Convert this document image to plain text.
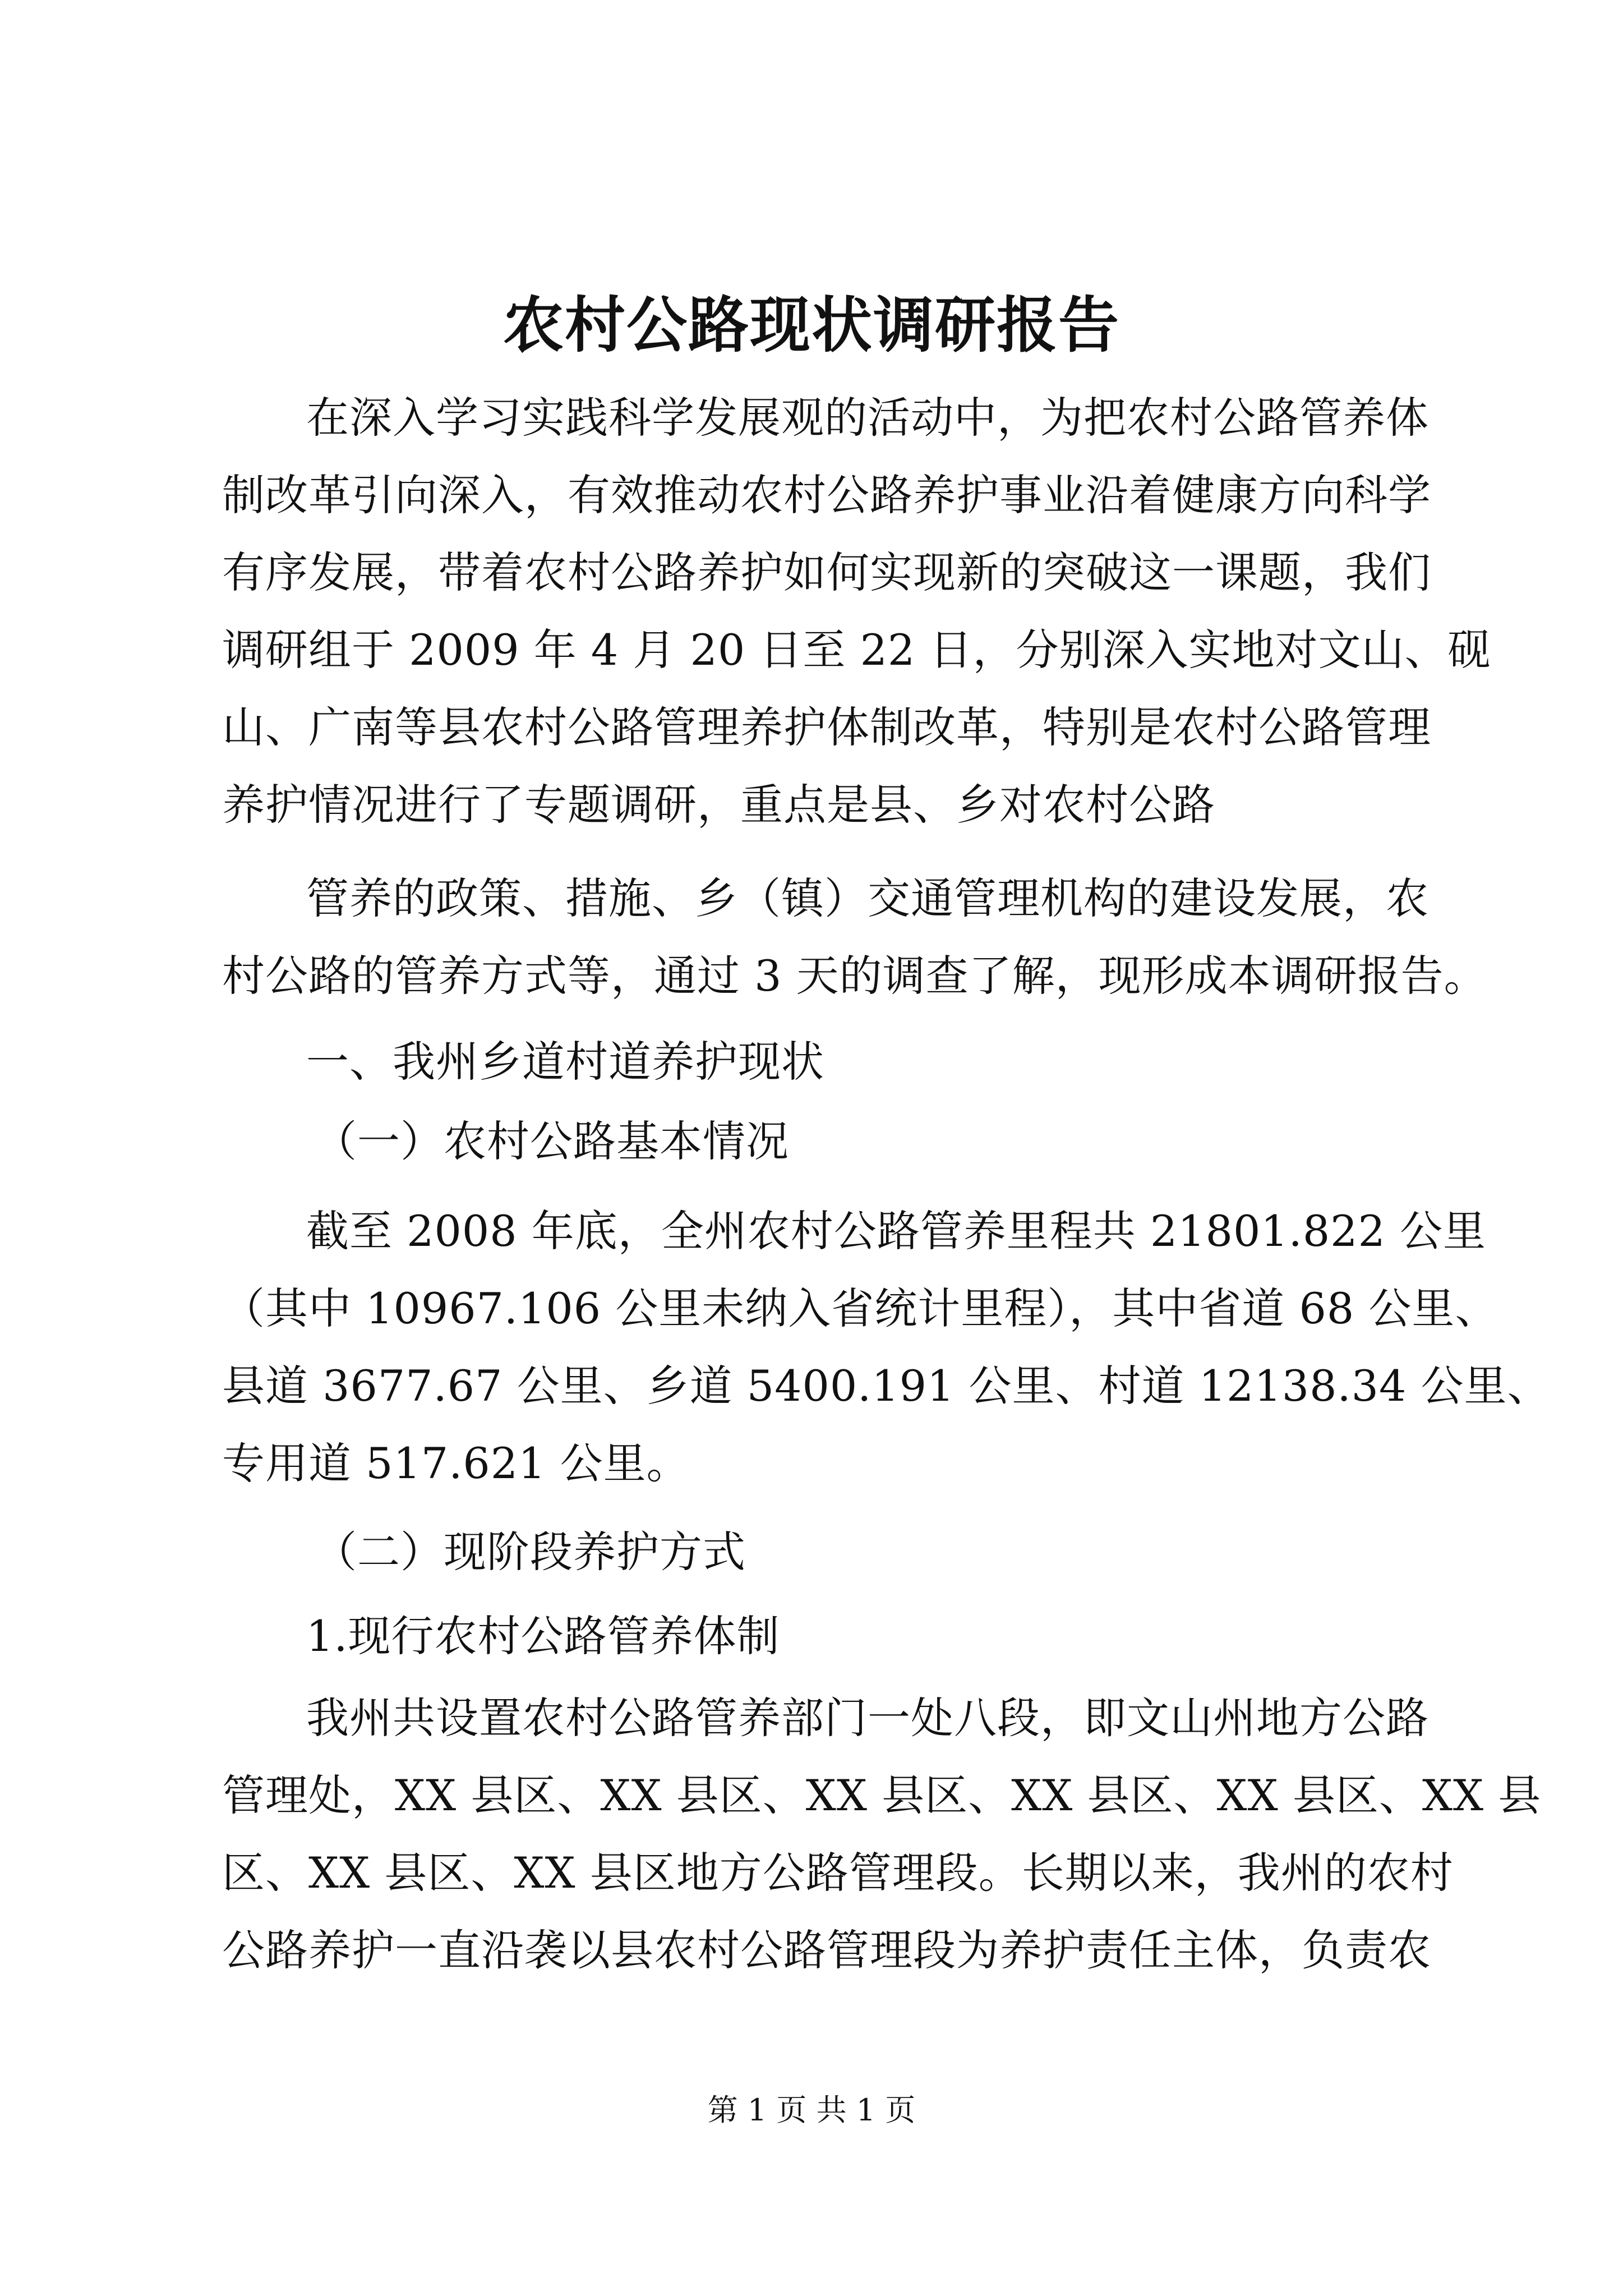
农村公路现状调研报告
在深入学习实践科学发展观的活动中，为把农村公路管养体
制改革引向深入，有效推动农村公路养护事业沿着健康方向科学
有序发展，带着农村公路养护如何实现新的突破这一课题，我们
调研组于 2009 年 4 月 20 日至 22 日，分别深入实地对文山、砚
山、广南等县农村公路管理养护体制改革，特别是农村公路管理
养护情况进行了专题调研，重点是县、乡对农村公路
管养的政策、措施、乡（镇）交通管理机构的建设发展，农
村公路的管养方式等，通过 3 天的调查了解，现形成本调研报告。
一、我州乡道村道养护现状
（一）农村公路基本情况
截至 2008 年底，全州农村公路管养里程共 21801.822 公里
（其中 10967.106 公里未纳入省统计里程），其中省道 68 公里、
县道 3677.67 公里、乡道 5400.191 公里、村道 12138.34 公里、
专用道 517.621 公里。
（二）现阶段养护方式
1.现行农村公路管养体制
我州共设置农村公路管养部门一处八段，即文山州地方公路
管理处，XX 县区、XX 县区、XX 县区、XX 县区、XX 县区、XX 县
区、XX 县区、XX 县区地方公路管理段。长期以来，我州的农村
公路养护一直沿袭以县农村公路管理段为养护责任主体，负责农
第 1 页 共 1 页
